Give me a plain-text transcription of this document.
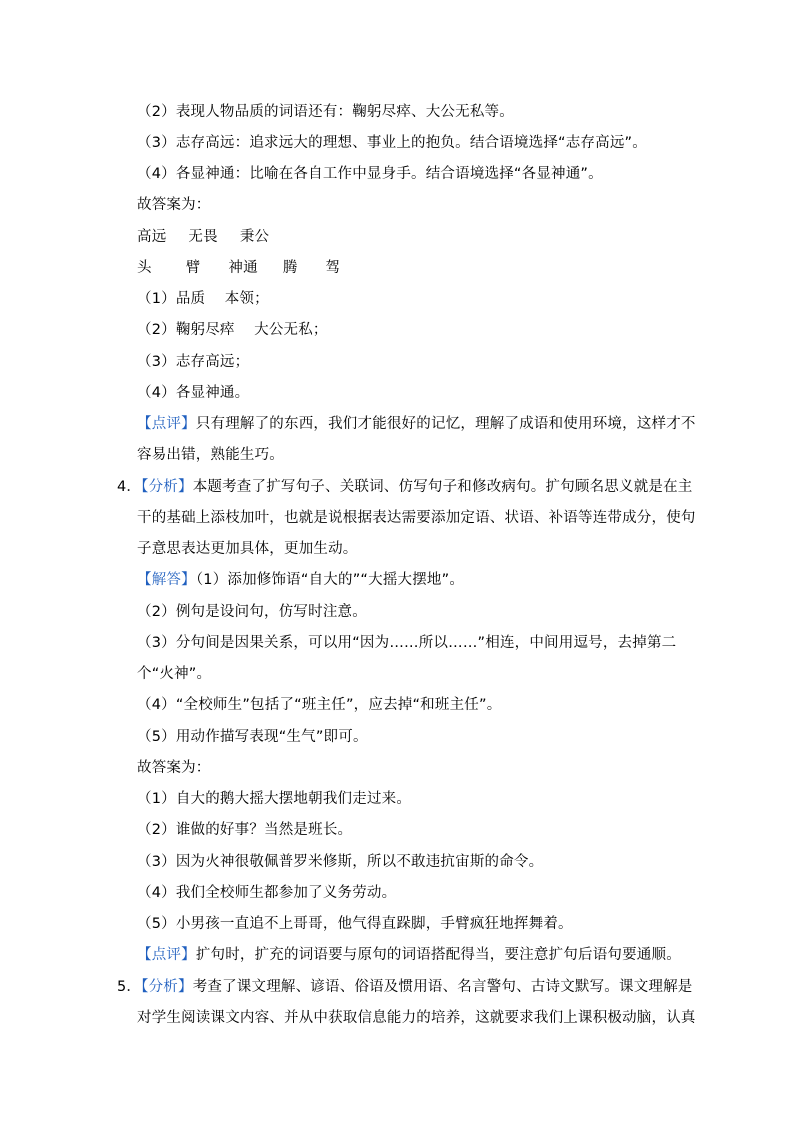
（2）表现人物品质的词语还有：鞠躬尽瘁、大公无私等。
（3）志存高远：追求远大的理想、事业上的抱负。结合语境选择“志存高远”。
（4）各显神通：比喻在各自工作中显身手。结合语境选择“各显神通”。
故答案为：
高远 无畏 秉公
头 臂 神通 腾 驾
（1）品质　 本领；
（2）鞠躬尽瘁　 大公无私；
（3）志存高远；
（4）各显神通。
【点评】只有理解了的东西，我们才能很好的记忆，理解了成语和使用环境，这样才不
容易出错，熟能生巧。
4．【分析】本题考查了扩写句子、关联词、仿写句子和修改病句。扩句顾名思义就是在主
干的基础上添枝加叶，也就是说根据表达需要添加定语、状语、补语等连带成分，使句
子意思表达更加具体，更加生动。
【解答】（1）添加修饰语“自大的”“大摇大摆地”。
（2）例句是设问句，仿写时注意。
（3）分句间是因果关系，可以用“因为……所以……”相连，中间用逗号，去掉第二
个“火神”。
（4）“全校师生”包括了“班主任”，应去掉“和班主任”。
（5）用动作描写表现“生气”即可。
故答案为：
（1）自大的鹅大摇大摆地朝我们走过来。
（2）谁做的好事？当然是班长。
（3）因为火神很敬佩普罗米修斯，所以不敢违抗宙斯的命令。
（4）我们全校师生都参加了义务劳动。
（5）小男孩一直追不上哥哥，他气得直跺脚，手臂疯狂地挥舞着。
【点评】扩句时，扩充的词语要与原句的词语搭配得当，要注意扩句后语句要通顺。
5．【分析】考查了课文理解、谚语、俗语及惯用语、名言警句、古诗文默写。课文理解是
对学生阅读课文内容、并从中获取信息能力的培养，这就要求我们上课积极动脑，认真
